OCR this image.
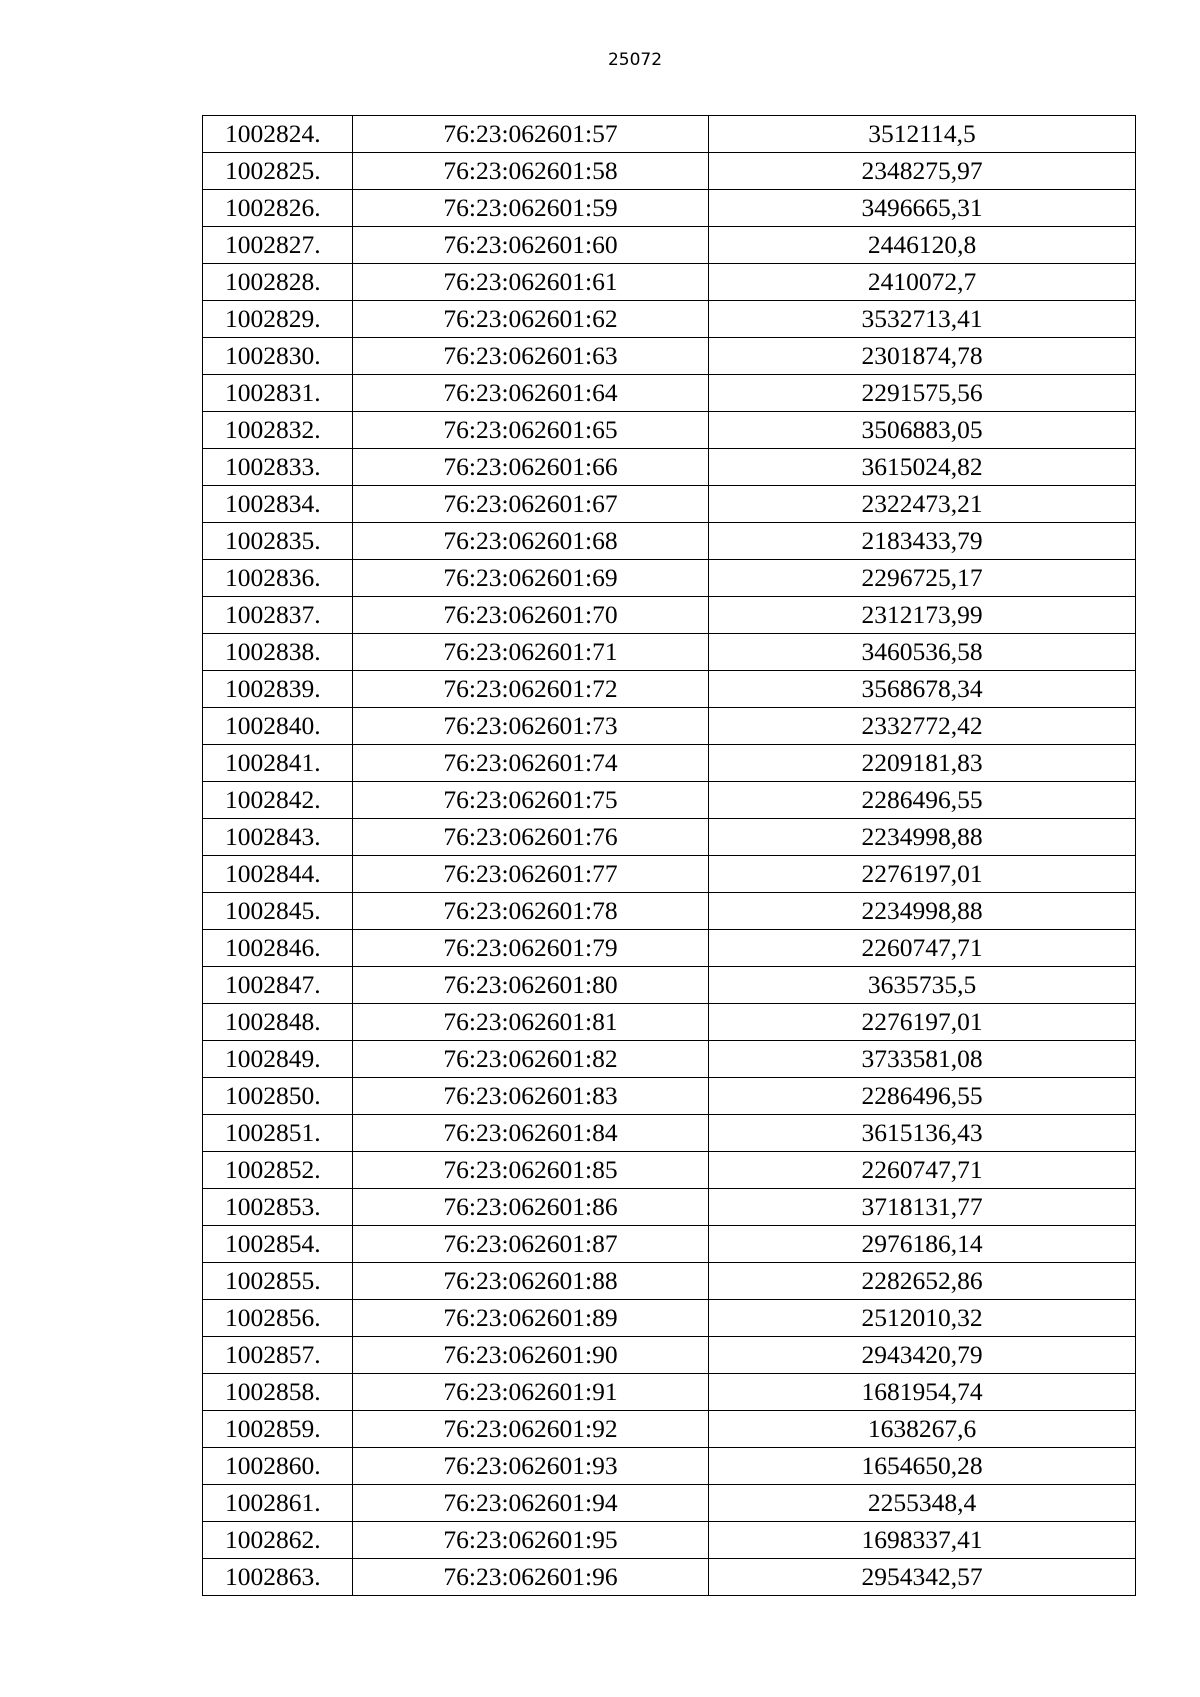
25072
1002824.	76:23:062601:57	3512114,5
1002825.	76:23:062601:58	2348275,97
1002826.	76:23:062601:59	3496665,31
1002827.	76:23:062601:60	2446120,8
1002828.	76:23:062601:61	2410072,7
1002829.	76:23:062601:62	3532713,41
1002830.	76:23:062601:63	2301874,78
1002831.	76:23:062601:64	2291575,56
1002832.	76:23:062601:65	3506883,05
1002833.	76:23:062601:66	3615024,82
1002834.	76:23:062601:67	2322473,21
1002835.	76:23:062601:68	2183433,79
1002836.	76:23:062601:69	2296725,17
1002837.	76:23:062601:70	2312173,99
1002838.	76:23:062601:71	3460536,58
1002839.	76:23:062601:72	3568678,34
1002840.	76:23:062601:73	2332772,42
1002841.	76:23:062601:74	2209181,83
1002842.	76:23:062601:75	2286496,55
1002843.	76:23:062601:76	2234998,88
1002844.	76:23:062601:77	2276197,01
1002845.	76:23:062601:78	2234998,88
1002846.	76:23:062601:79	2260747,71
1002847.	76:23:062601:80	3635735,5
1002848.	76:23:062601:81	2276197,01
1002849.	76:23:062601:82	3733581,08
1002850.	76:23:062601:83	2286496,55
1002851.	76:23:062601:84	3615136,43
1002852.	76:23:062601:85	2260747,71
1002853.	76:23:062601:86	3718131,77
1002854.	76:23:062601:87	2976186,14
1002855.	76:23:062601:88	2282652,86
1002856.	76:23:062601:89	2512010,32
1002857.	76:23:062601:90	2943420,79
1002858.	76:23:062601:91	1681954,74
1002859.	76:23:062601:92	1638267,6
1002860.	76:23:062601:93	1654650,28
1002861.	76:23:062601:94	2255348,4
1002862.	76:23:062601:95	1698337,41
1002863.	76:23:062601:96	2954342,57
